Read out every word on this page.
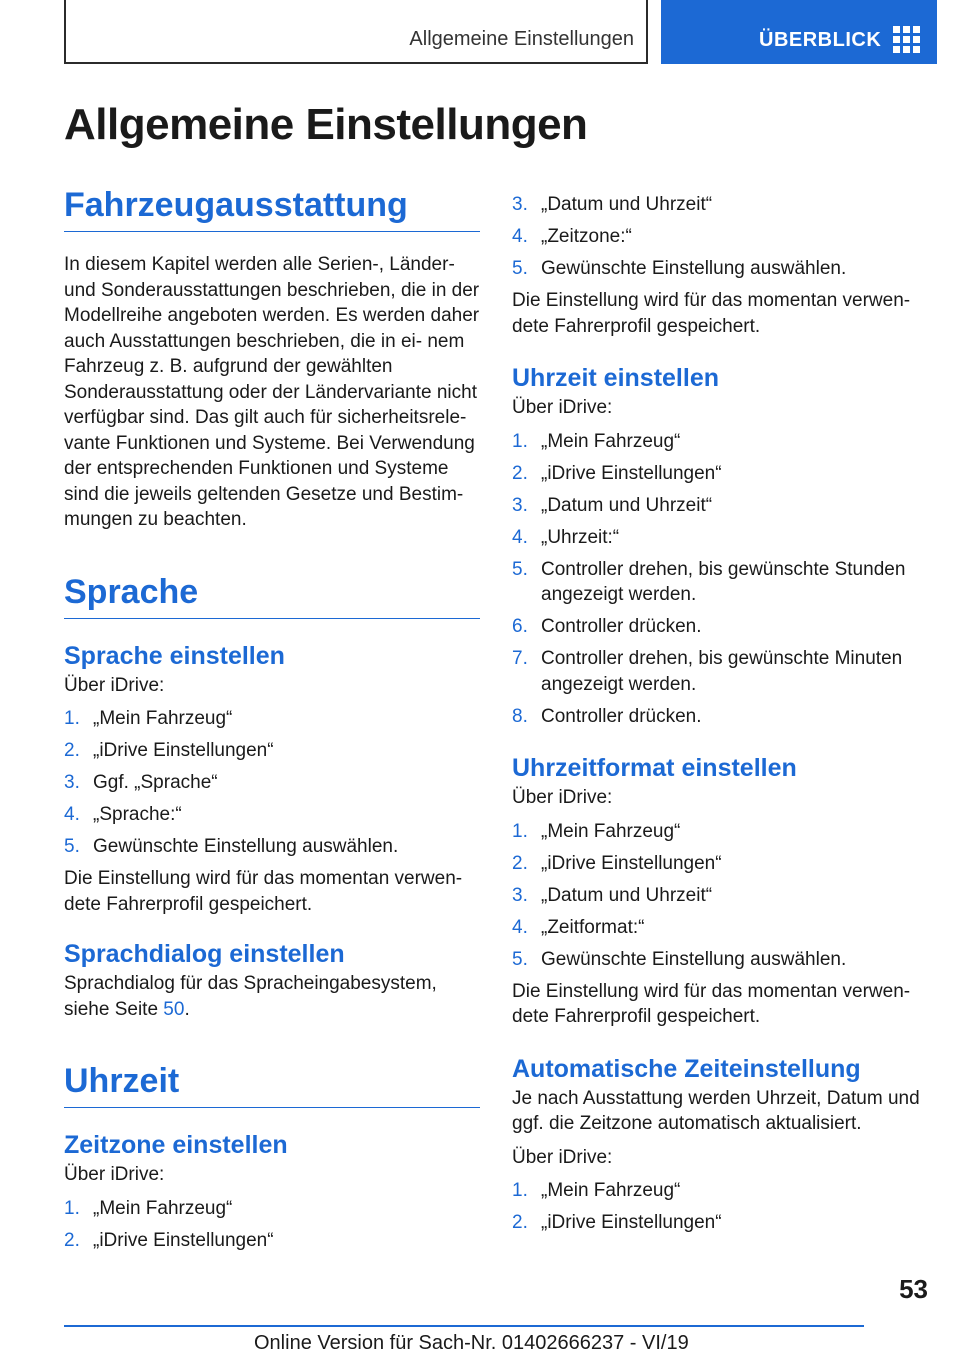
Allgemeine Einstellungen	ÜBERBLICK
Allgemeine Einstellungen
Fahrzeugausstattung

In diesem Kapitel werden alle Serien-, Länder- und Sonderausstattungen beschrieben, die in der Modellreihe angeboten werden. Es werden daher auch Ausstattungen beschrieben, die in ei- nem Fahrzeug z. B. aufgrund der gewählten Sonderausstattung oder der Ländervariante nicht verfügbar sind. Das gilt auch für sicherheitsrele- vante Funktionen und Systeme. Bei Verwendung der entsprechenden Funktionen und Systeme sind die jeweils geltenden Gesetze und Bestim- mungen zu beachten.

Sprache
Sprache einstellen

Über iDrive:

1. „Mein Fahrzeug“
2. „iDrive Einstellungen“
3. Ggf. „Sprache“
4. „Sprache:“
5. Gewünschte Einstellung auswählen.

Die Einstellung wird für das momentan verwen- dete Fahrerprofil gespeichert.

Sprachdialog einstellen

Sprachdialog für das Spracheingabesystem, siehe Seite 50.

Uhrzeit
Zeitzone einstellen

Über iDrive:

1. „Mein Fahrzeug“
2. „iDrive Einstellungen“
3. „Datum und Uhrzeit“
4. „Zeitzone:“
5. Gewünschte Einstellung auswählen.

Die Einstellung wird für das momentan verwen- dete Fahrerprofil gespeichert.

Uhrzeit einstellen

Über iDrive:

1. „Mein Fahrzeug“
2. „iDrive Einstellungen“
3. „Datum und Uhrzeit“
4. „Uhrzeit:“
5. Controller drehen, bis gewünschte Stunden angezeigt werden.
6. Controller drücken.
7. Controller drehen, bis gewünschte Minuten angezeigt werden.
8. Controller drücken.
Uhrzeitformat einstellen

Über iDrive:

1. „Mein Fahrzeug“
2. „iDrive Einstellungen“
3. „Datum und Uhrzeit“
4. „Zeitformat:“
5. Gewünschte Einstellung auswählen.

Die Einstellung wird für das momentan verwen- dete Fahrerprofil gespeichert.

Automatische Zeiteinstellung

Je nach Ausstattung werden Uhrzeit, Datum und ggf. die Zeitzone automatisch aktualisiert.

Über iDrive:

1. „Mein Fahrzeug“
2. „iDrive Einstellungen“
53
Online Version für Sach-Nr. 01402666237 - VI/19
